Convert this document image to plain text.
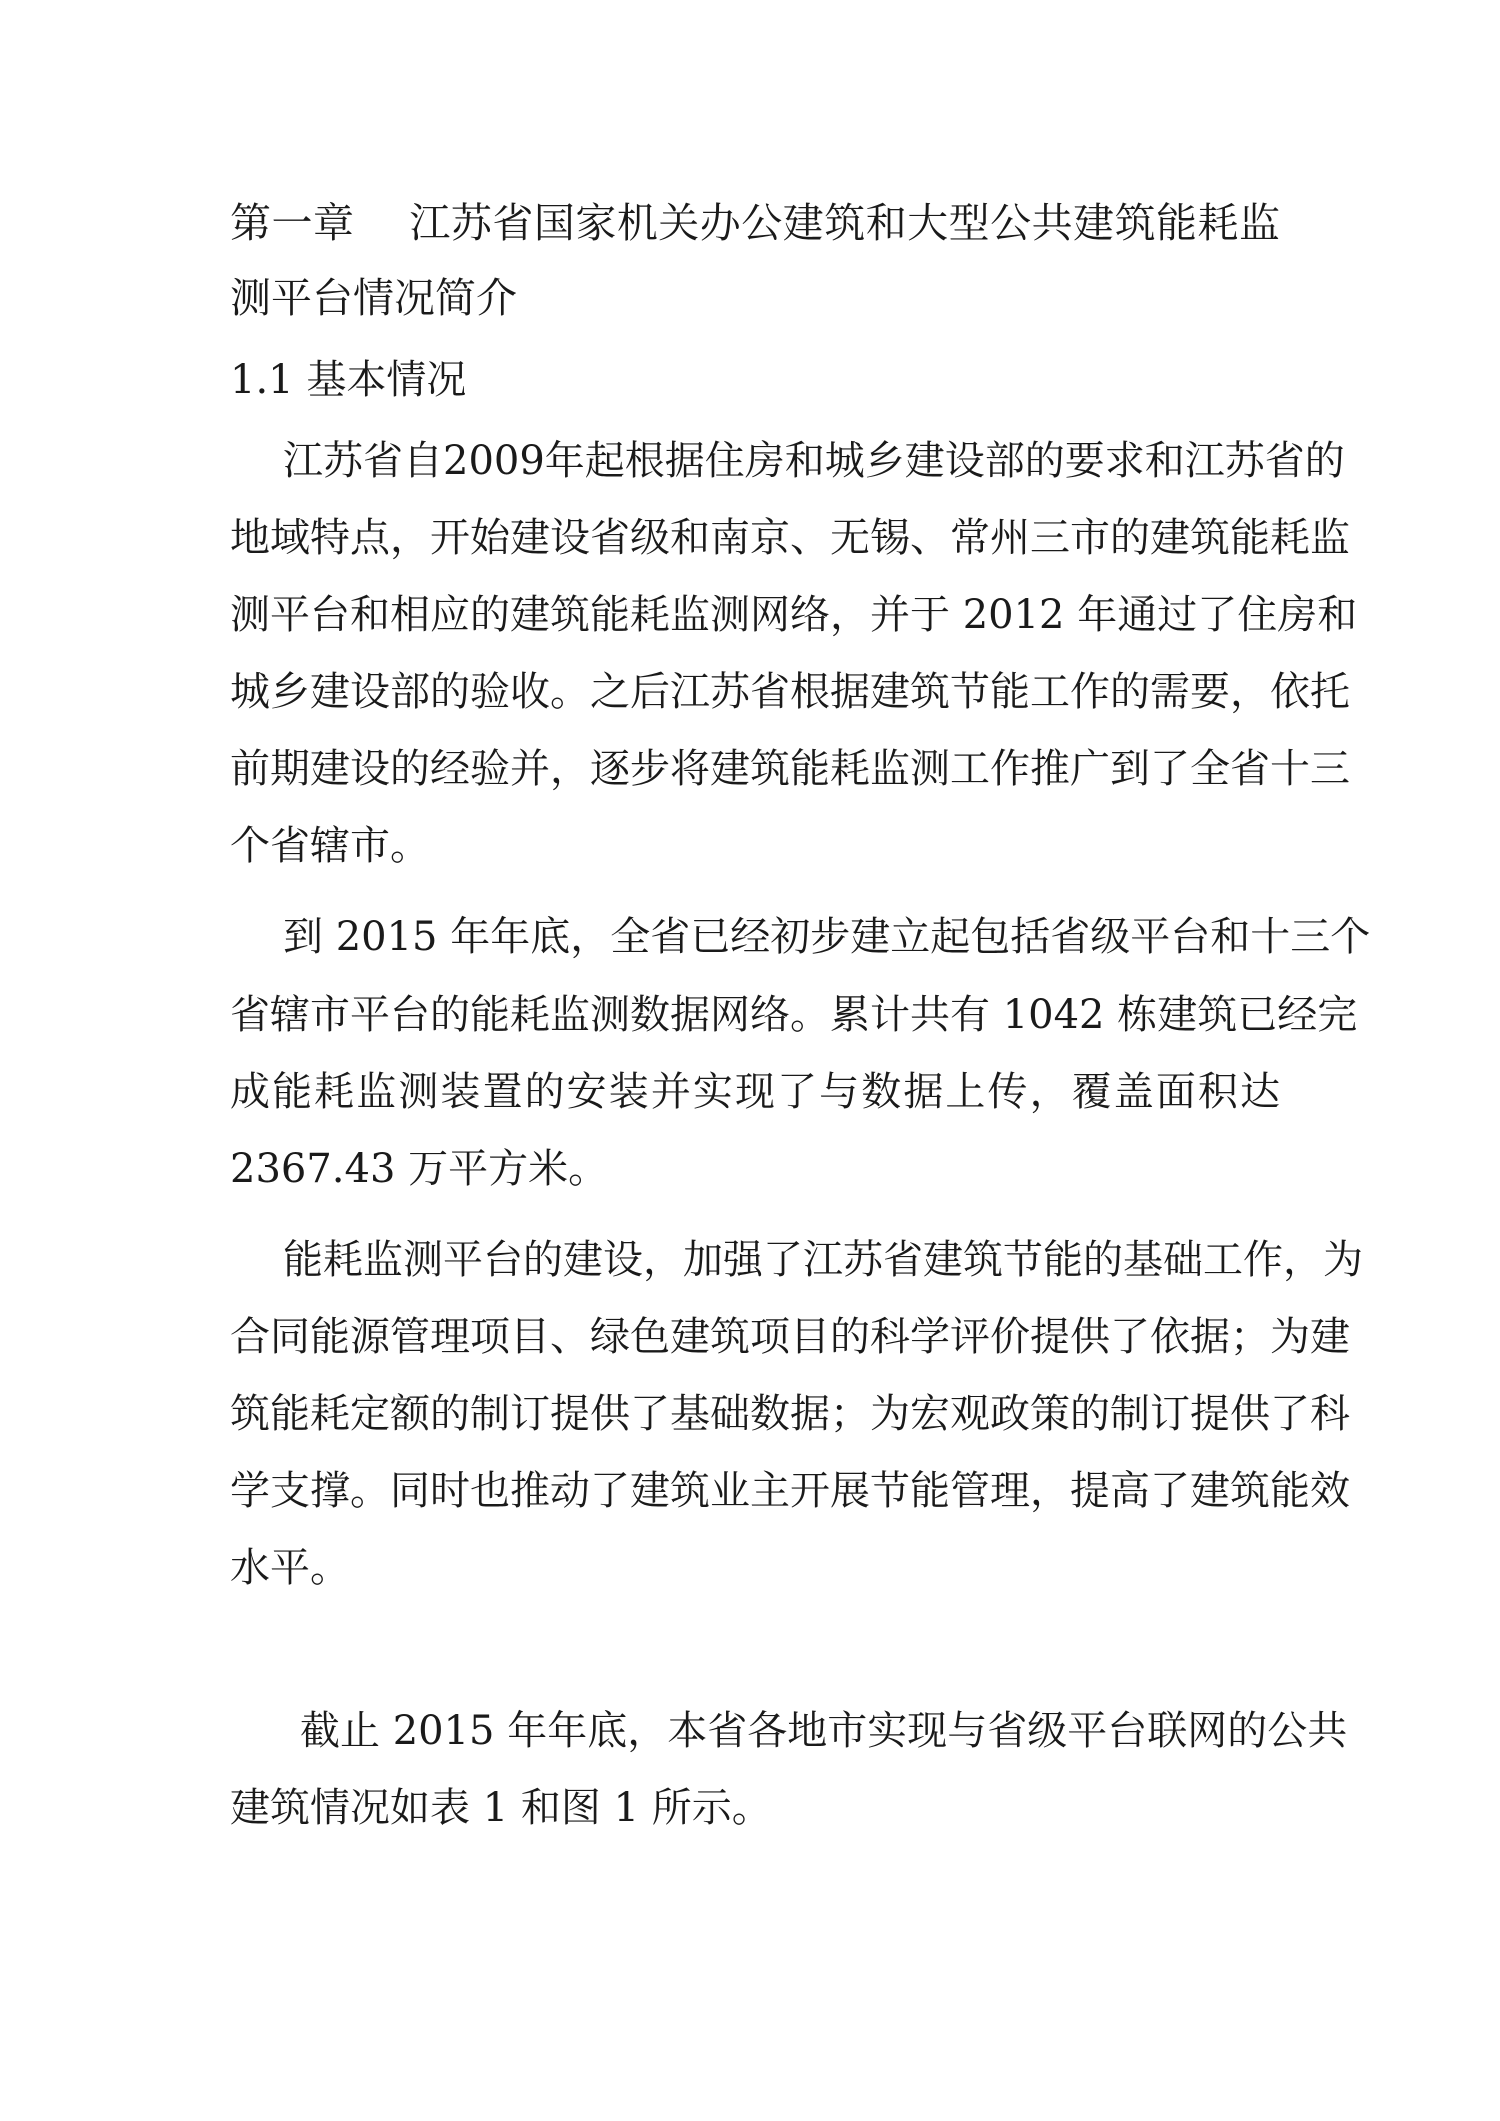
第一章　 江苏省国家机关办公建筑和大型公共建筑能耗监
测平台情况简介
1.1 基本情况
江苏省自2009年起根据住房和城乡建设部的要求和江苏省的
地域特点，开始建设省级和南京、无锡、常州三市的建筑能耗监
测平台和相应的建筑能耗监测网络，并于 2012 年通过了住房和
城乡建设部的验收。之后江苏省根据建筑节能工作的需要，依托
前期建设的经验并，逐步将建筑能耗监测工作推广到了全省十三
个省辖市。
到 2015 年年底，全省已经初步建立起包括省级平台和十三个
省辖市平台的能耗监测数据网络。累计共有 1042 栋建筑已经完
成能耗监测装置的安装并实现了与数据上传，覆盖面积达
2367.43 万平方米。
能耗监测平台的建设，加强了江苏省建筑节能的基础工作，为
合同能源管理项目、绿色建筑项目的科学评价提供了依据；为建
筑能耗定额的制订提供了基础数据；为宏观政策的制订提供了科
学支撑。同时也推动了建筑业主开展节能管理，提高了建筑能效
水平。
截止 2015 年年底，本省各地市实现与省级平台联网的公共
建筑情况如表 1 和图 1 所示。
